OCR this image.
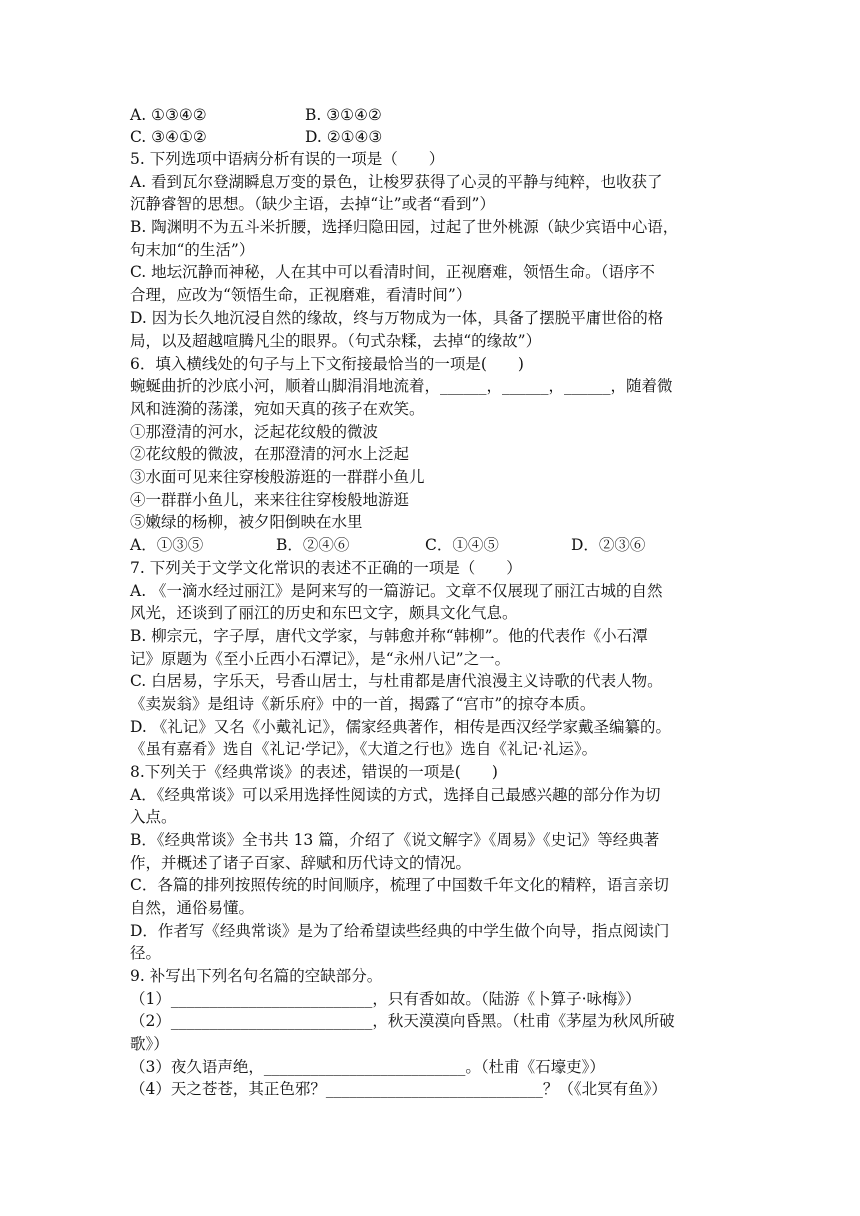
A. ①③④②	B. ③①④②
C. ③④①②	D. ②①④③
5. 下列选项中语病分析有误的一项是（　　）
A. 看到瓦尔登湖瞬息万变的景色，让梭罗获得了心灵的平静与纯粹，也收获了
沉静睿智的思想。（缺少主语，去掉“让”或者“看到”）
B. 陶渊明不为五斗米折腰，选择归隐田园，过起了世外桃源（缺少宾语中心语，
句末加“的生活”）
C. 地坛沉静而神秘，人在其中可以看清时间，正视磨难，领悟生命。（语序不
合理，应改为“领悟生命，正视磨难，看清时间”）
D. 因为长久地沉浸自然的缘故，终与万物成为一体，具备了摆脱平庸世俗的格
局，以及超越喧腾凡尘的眼界。（句式杂糅，去掉“的缘故”）
6．填入横线处的句子与上下文衔接最恰当的一项是(　　)
蜿蜒曲折的沙底小河，顺着山脚涓涓地流着，______，______，______，随着微
风和涟漪的荡漾，宛如天真的孩子在欢笑。
①那澄清的河水，泛起花纹般的微波
②花纹般的微波，在那澄清的河水上泛起
③水面可见来往穿梭般游逛的一群群小鱼儿
④一群群小鱼儿，来来往往穿梭般地游逛
⑤嫩绿的杨柳，被夕阳倒映在水里
A．①③⑤	B．②④⑥	C．①④⑤	D．②③⑥
7. 下列关于文学文化常识的表述不正确的一项是（　　）
A. 《一滴水经过丽江》是阿来写的一篇游记。文章不仅展现了丽江古城的自然
风光，还谈到了丽江的历史和东巴文字，颇具文化气息。
B. 柳宗元，字子厚，唐代文学家，与韩愈并称“韩柳”。他的代表作《小石潭
记》原题为《至小丘西小石潭记》，是“永州八记”之一。
C. 白居易，字乐天，号香山居士，与杜甫都是唐代浪漫主义诗歌的代表人物。
《卖炭翁》是组诗《新乐府》中的一首，揭露了“宫市”的掠夺本质。
D. 《礼记》又名《小戴礼记》，儒家经典著作，相传是西汉经学家戴圣编纂的。
《虽有嘉肴》选自《礼记·学记》，《大道之行也》选自《礼记·礼运》。
8.下列关于《经典常谈》的表述，错误的一项是(　　)
A．《经典常谈》可以采用选择性阅读的方式，选择自己最感兴趣的部分作为切
入点。
B．《经典常谈》全书共 13 篇，介绍了《说文解字》《周易》《史记》等经典著
作，并概述了诸子百家、辞赋和历代诗文的情况。
C．各篇的排列按照传统的时间顺序，梳理了中国数千年文化的精粹，语言亲切
自然，通俗易懂。
D．作者写《经典常谈》是为了给希望读些经典的中学生做个向导，指点阅读门
径。
9. 补写出下列名句名篇的空缺部分。
（1）__________________________，只有香如故。（陆游《卜算子·咏梅》）
（2）__________________________，秋天漠漠向昏黑。（杜甫《茅屋为秋风所破
歌》）
（3）夜久语声绝，__________________________。（杜甫《石壕吏》）
（4）天之苍苍，其正色邪？____________________________？（《北冥有鱼》）
